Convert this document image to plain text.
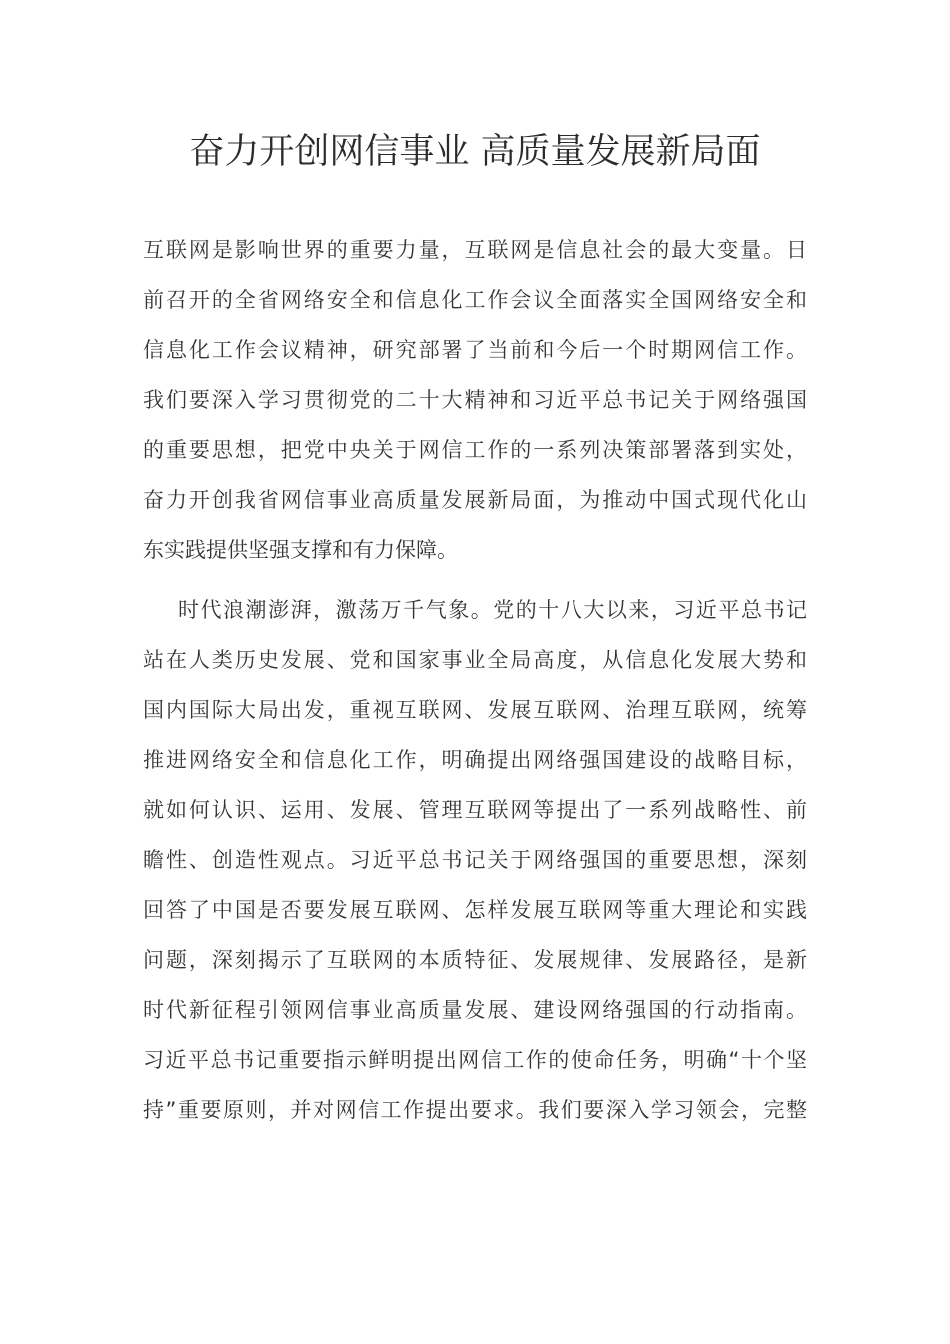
奋力开创网信事业 高质量发展新局面

互联网是影响世界的重要力量，互联网是信息社会的最大变量。日
前召开的全省网络安全和信息化工作会议全面落实全国网络安全和
信息化工作会议精神，研究部署了当前和今后一个时期网信工作。
我们要深入学习贯彻党的二十大精神和习近平总书记关于网络强国
的重要思想，把党中央关于网信工作的一系列决策部署落到实处，
奋力开创我省网信事业高质量发展新局面，为推动中国式现代化山
东实践提供坚强支撑和有力保障。

时代浪潮澎湃，激荡万千气象。党的十八大以来，习近平总书记
站在人类历史发展、党和国家事业全局高度，从信息化发展大势和
国内国际大局出发，重视互联网、发展互联网、治理互联网，统筹
推进网络安全和信息化工作，明确提出网络强国建设的战略目标，
就如何认识、运用、发展、管理互联网等提出了一系列战略性、前
瞻性、创造性观点。习近平总书记关于网络强国的重要思想，深刻
回答了中国是否要发展互联网、怎样发展互联网等重大理论和实践
问题，深刻揭示了互联网的本质特征、发展规律、发展路径，是新
时代新征程引领网信事业高质量发展、建设网络强国的行动指南。
习近平总书记重要指示鲜明提出网信工作的使命任务，明确“十个坚
持”重要原则，并对网信工作提出要求。我们要深入学习领会，完整
